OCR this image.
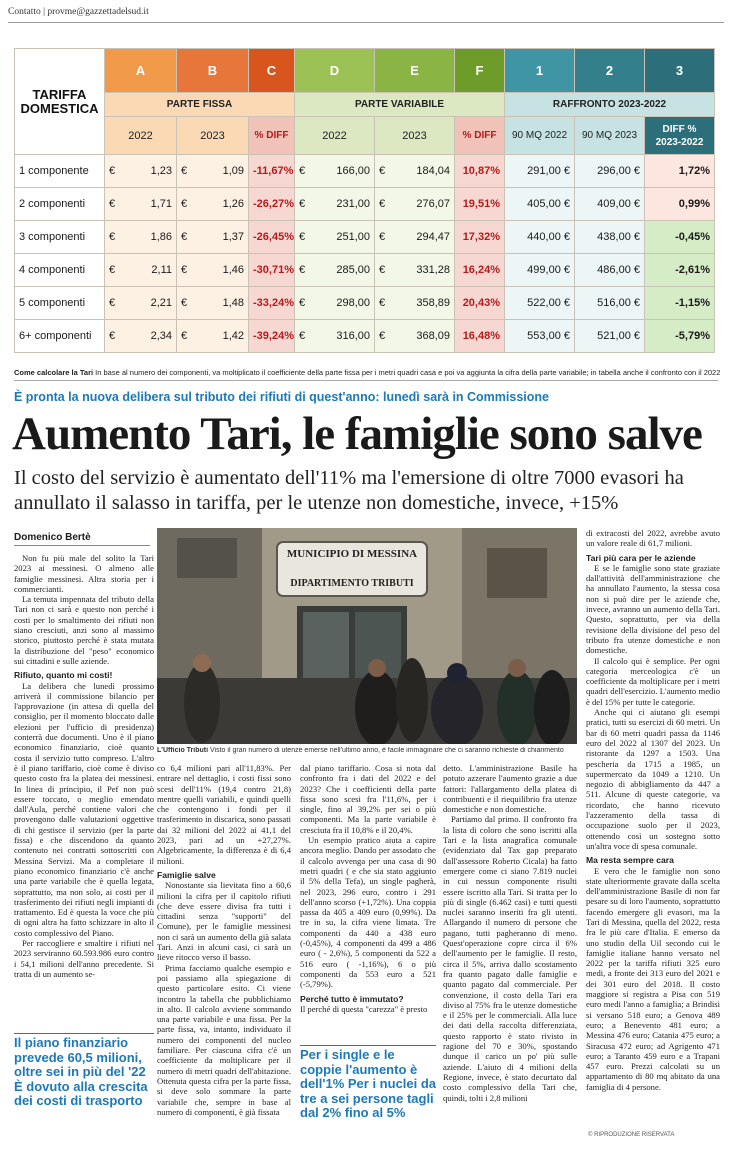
Contatto | provme@gazzettadelsud.it
TARIFFA DOMESTICA	A	B	C	D	E	F	1	2	3
	PARTE FISSA			PARTE VARIABILE			RAFFRONTO 2023-2022		
	2022	2023	% DIFF	2022	2023	% DIFF	90 MQ 2022	90 MQ 2023	DIFF % 2023-2022
1 componente	€ 1,23	€ 1,09	-11,67%	€ 166,00	€ 184,04	10,87%	291,00 €	296,00 €	1,72%
2 componenti	€ 1,71	€ 1,26	-26,27%	€ 231,00	€ 276,07	19,51%	405,00 €	409,00 €	0,99%
3 componenti	€ 1,86	€ 1,37	-26,45%	€ 251,00	€ 294,47	17,32%	440,00 €	438,00 €	-0,45%
4 componenti	€ 2,11	€ 1,46	-30,71%	€ 285,00	€ 331,28	16,24%	499,00 €	486,00 €	-2,61%
5 componenti	€ 2,21	€ 1,48	-33,24%	€ 298,00	€ 358,89	20,43%	522,00 €	516,00 €	-1,15%
6+ componenti	€ 2,34	€ 1,42	-39,24%	€ 316,00	€ 368,09	16,48%	553,00 €	521,00 €	-5,79%
Come calcolare la Tari In base al numero dei componenti, va moltiplicato il coefficiente della parte fissa per i metri quadri casa e poi va aggiunta la cifra della parte variabile; in tabella anche il confronto con il 2022
È pronta la nuova delibera sul tributo dei rifiuti di quest'anno: lunedì sarà in Commissione
Aumento Tari, le famiglie sono salve
Il costo del servizio è aumentato dell'11% ma l'emersione di oltre 7000 evasori ha annullato il salasso in tariffa, per le utenze non domestiche, invece, +15%
Domenico Bertè

Non fu più male del solito la Tari 2023 ai messinesi. O almeno alle famiglie messinesi. Altra storia per i commercianti.

La temuta impennata del tributo della Tari non ci sarà e questo non perché i costi per lo smaltimento dei rifiuti non siano cresciuti, anzi sono al massimo storico, piuttosto perché è stata mutata la distribuzione del "peso" economico sui cittadini e sulle aziende.

Rifiuto, quanto mi costi!

La delibera che lunedì prossimo arriverà il commissione bilancio per l'approvazione (in attesa di quella del consiglio, per il momento bloccato dalle elezioni per l'ufficio di presidenza) conterrà due documenti. Uno è il piano economico finanziario, cioè quanto costa il servizio tutto compreso. L'altro è il piano tariffario, cioè come è diviso questo costo fra la platea dei messinesi. In linea di principio, il Pef non può essere toccato, o meglio emendato dall'Aula, perché contiene valori che provengono dalle valutazioni oggettive di chi gestisce il servizio (per la parte fissa) e che discendono da quanto contenuto nei contratti sottoscritti con Messina Servizi. Ma a completare il piano economico finanziario c'è anche una parte variabile che è quella legata, soprattutto, ma non solo, ai costi per il trasferimento dei rifiuti negli impianti di trattamento. Ed è questa la voce che più di ogni altra ha fatto schizzare in alto il costo complessivo del Piano.

Per raccogliere e smaltire i rifiuti nel 2023 serviranno 60.593.986 euro contro i 54,1 milioni dell'anno precedente. Si tratta di un aumento se-

Il piano finanziario prevede 60,5 milioni, oltre sei in più del '22 È dovuto alla crescita dei costi di trasporto
MUNICIPIO DI MESSINA
DIPARTIMENTO TRIBUTI
L'Ufficio Tributi Visto il gran numero di utenze emerse nell'ultimo anno, è facile immaginare che ci saranno richieste di chiarimento

co 6,4 milioni pari all'11,83%. Per entrare nel dettaglio, i costi fissi sono scesi dell'11% (19,4 contro 21,8) mentre quelli variabili, e quindi quelli che contengono i fondi per il trasferimento in discarica, sono passati dai 32 milioni del 2022 ai 41,1 del 2023, pari ad un +27,27%. Algebricamente, la differenza è di 6,4 milioni.

Famiglie salve

Nonostante sia lievitata fino a 60,6 milioni la cifra per il capitolo rifiuti (che deve essere divisa fra tutti i cittadini senza "supporti" del Comune), per le famiglie messinesi non ci sarà un aumento della già salata Tari. Anzi in alcuni casi, ci sarà un lieve ritocco verso il basso.

Prima facciamo qualche esempio e poi passiamo alla spiegazione di questo particolare esito. Ci viene incontro la tabella che pubblichiamo in alto. Il calcolo avviene sommando una parte variabile e una fissa. Per la parte fissa, va, intanto, individuato il numero dei componenti del nucleo familiare. Per ciascuna cifra c'è un coefficiente da moltiplicare per il numero di metri quadri dell'abitazione. Ottenuta questa cifra per la parte fissa, si deve solo sommare la parte variabile che, sempre in base al numero di componenti, è già fissata

dal piano tariffario. Cosa si nota dal confronto fra i dati del 2022 e del 2023? Che i coefficienti della parte fissa sono scesi fra l'11,6%, per i single, fino al 39,2% per sei o più componenti. Ma la parte variabile è cresciuta fra il 10,8% e il 20,4%.

Un esempio pratico aiuta a capire ancora meglio. Dando per assodato che il calcolo avvenga per una casa di 90 metri quadri ( e che sia stato aggiunto il 5% della Tefa), un single pagherà, nel 2023, 296 euro, contro i 291 dell'anno scorso (+1,72%). Una coppia passa da 405 a 409 euro (0,99%). Da tre in su, la cifra viene limata. Tre componenti da 440 a 438 euro (-0,45%), 4 componenti da 499 a 486 euro ( - 2,6%), 5 componenti da 522 a 516 euro ( -1,16%), 6 o più componenti da 553 euro a 521 (-5,79%).

Perché tutto è immutato?

Il perché di questa "carezza" è presto

Per i single e le coppie l'aumento è dell'1% Per i nuclei da tre a sei persone tagli dal 2% fino al 5%

detto. L'amministrazione Basile ha potuto azzerare l'aumento grazie a due fattori: l'allargamento della platea di contribuenti e il riequilibrio fra utenze domestiche e non domestiche.

Partiamo dal primo. Il confronto fra la lista di coloro che sono iscritti alla Tari e la lista anagrafica comunale (evidenziato dal Tax gap preparato dall'assessore Roberto Cicala) ha fatto emergere come ci siano 7.819 nuclei in cui nessun componente risulti essere iscritto alla Tari. Si tratta per lo più di single (6.462 casi) e tutti questi nuclei saranno inseriti fra gli utenti. Allargando il numero di persone che pagano, tutti pagheranno di meno. Quest'operazione copre circa il 6% dell'aumento per le famiglie. Il resto, circa il 5%, arriva dallo scostamento fra quanto pagato dalle famiglie e quanto pagato dal commerciale. Per convenzione, il costo della Tari era diviso al 75% fra le utenze domestiche e il 25% per le commerciali. Alla luce dei dati della raccolta differenziata, questo rapporto è stato rivisto in ragione del 70 e 30%, spostando dunque il carico un po' più sulle aziende. L'aiuto di 4 milioni della Regione, invece, è stato decurtato dal costo complessivo della Tari che, quindi, tolti i 2,8 milioni

di extracosti del 2022, avrebbe avuto un valore reale di 61,7 milioni.

Tari più cara per le aziende

E se le famiglie sono state graziate dall'attività dell'amministrazione che ha annullato l'aumento, la stessa cosa non si può dire per le aziende che, invece, avranno un aumento della Tari. Questo, soprattutto, per via della revisione della divisione del peso del tributo fra utenze domestiche e non domestiche.

Il calcolo qui è semplice. Per ogni categoria merceologica c'è un coefficiente da moltiplicare per i metri quadri dell'esercizio. L'aumento medio è del 15% per tutte le categorie.

Anche qui ci aiutano gli esempi pratici, tutti su esercizi di 60 metri. Un bar di 60 metri quadri passa da 1146 euro del 2022 al 1307 del 2023. Un ristorante da 1297 a 1503. Una pescheria da 1715 a 1985, un supermercato da 1049 a 1210. Un negozio di abbigliamento da 447 a 511. Alcune di queste categorie, va ricordato, che hanno ricevuto l'azzeramento della tassa di occupazione suolo per il 2023, ottenendo così un sostegno sotto un'altra voce di spesa comunale.

Ma resta sempre cara

E vero che le famiglie non sono state ulteriormente gravate dalla scelta dell'amministrazione Basile di non far pesare su di loro l'aumento, soprattutto facendo emergere gli evasori, ma la Tari di Messina, quella del 2022, resta fra le più care d'Italia. E emerso da uno studio della Uil secondo cui le famiglie italiane hanno versato nel 2022 per la tariffa rifiuti 325 euro medi, a fronte dei 313 euro del 2021 e dei 301 euro del 2018. Il costo maggiore si registra a Pisa con 519 euro medi l'anno a famiglia; a Brindisi si versano 518 euro; a Genova 489 euro; a Benevento 481 euro; a Messina 476 euro; Catania 475 euro; a Siracusa 472 euro; ad Agrigento 471 euro; a Taranto 459 euro e a Trapani 457 euro. Prezzi calcolati su un appartamento di 80 mq abitato da una famiglia di 4 persone.

© RIPRODUZIONE RISERVATA
